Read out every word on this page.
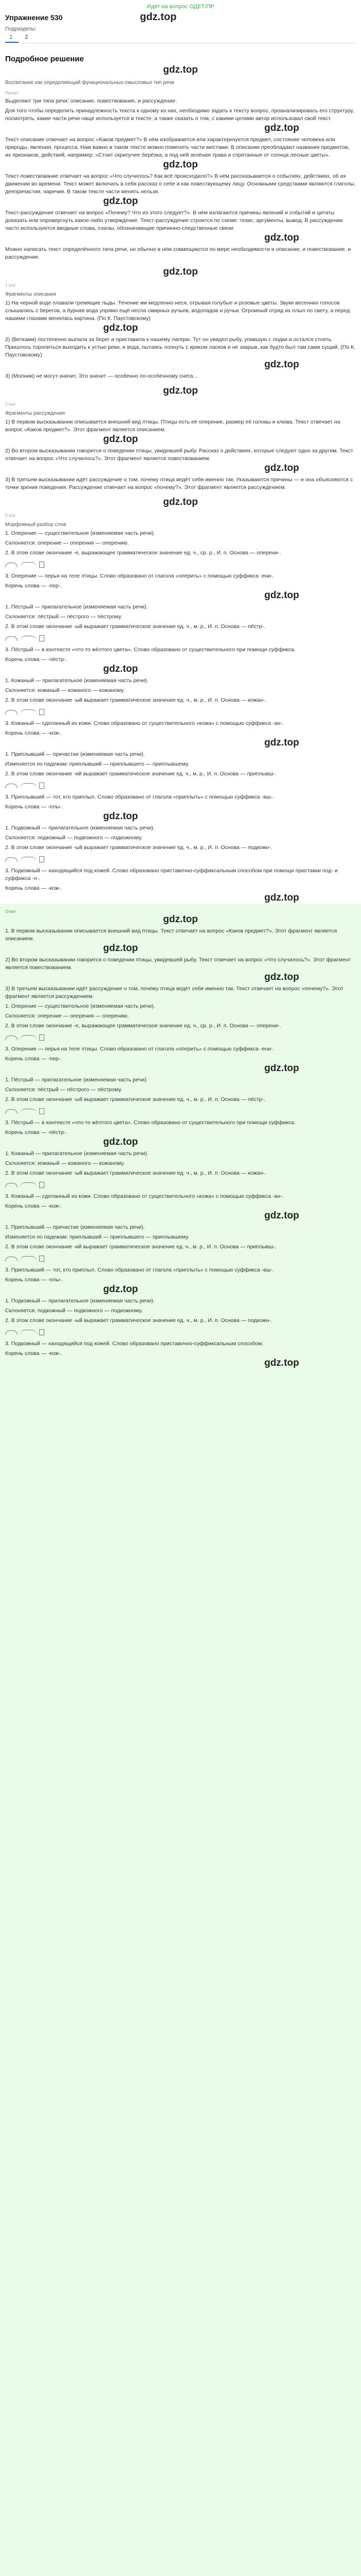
Идёт на вопрос ОДЕТ/ПР
Упражнение 530	gdz.top
Подразделы:
1 2
Подробное решение
gdz.top
Воспитание как определяющий функциональных-смысловых тип речи
Проект
Выделяют три типа речи: описание, повествование, и рассуждение.
Для того чтобы определить принадлежность текста к одному из них, необходимо задать к тексту вопрос, проанализировать его структуру, посмотреть, какие части речи чаще используется в тексте, а также сказать о том, с какими целями автор использовал свой текст.
gdz.top
Текст-описание отвечает на вопрос «Каков предмет?» В нём изображается или характеризуется предмет, состояние человека или природы, явления, процесса. Нам важно в таком тексте можно поменять части местами. В описании преобладают названия предметов, их признаков, действий, например: «Стоит скрипучее берёзка, а под ней зелёная трава и спрятанные от солнца лесные цветы».
gdz.top
Текст-повествование отвечает на вопрос «Что случилось? Как всё происходило?» В нём рассказывается о событиях, действиях, об их движении во времени. Текст может включать в себя рассказ о себе и как повествующему лицу. Основными средствами являются глаголы, деепричастия, наречия. В таком тексте части менять нельзя.
gdz.top
Текст-рассуждение отвечает на вопрос «Почему? Что из этого следует?». В нём излагаются причины явлений и событий и цитаты доказать или опровергнуть какое-либо утверждение. Текст-рассуждение строится по схеме: тезис, аргументы, вывод. В рассуждении часто используются вводные слова, союзы, обозначающие причинно-следственные связи.
gdz.top
Можно написать текст определённого типа речи, но обычно в нём совмещаются по мере необходимости и описание, и повествование, и рассуждение.
gdz.top
1 шаг
Фрагменты описания
1) На черной воде плавали гремящие льды. Течение им медленно неся, отрывая голубые и розовые цветы. Звуки весенних голосов слышались с берегов, а бурная вода упрямо ещё несла смирных ручьев, водопадов и ручьи. Огромный отряд их плыл по свету, а перед нашими глазами менялась картина. (По К. Паустовскому)
gdz.top
2) (Ветками) постепенно выпала за берег и приставила к нашему лагерю. Тут он увидел рыбу, упавшую с лодки и остался стоять. Пришлось торопиться выходить к устью реки, и вода, пытаясь лопнуть с криком ласков и не закрыв, как будто был там сами сущий. (По К. Паустовскому)
gdz.top
3) (Молнии) не могут-значит, Это значит — особенно по-особенному снега...
gdz.top
2 шаг
Фрагменты рассуждения
1) В первом высказывании описывается внешний вид птицы. Птицы есть её оперение, размер её головы и клюва. Текст отвечает на вопрос «Каков предмет?». Этот фрагмент является описанием.
gdz.top
2) Во втором высказывании говорится о поведении птицы, увидевшей рыбу. Рассказ о действиях, которые следуют одно за другим. Текст отвечает на вопрос «Что случилось?». Этот фрагмент является повествованием.
gdz.top
3) В третьем высказывании идёт рассуждение о том, почему птица ведёт себя именно так. Указываются причины — и она объясняются с точки зрения поведения. Рассуждение отвечает на вопрос «почему?». Этот фрагмент является рассуждением.
gdz.top
3 шаг
Морфемный разбор слов
1. Оперение — существительное (изменяемая часть речи).
Склоняется: оперение — оперения — оперению.
2. В этом слове окончание -е, выражающее грамматическое значение ед. ч., ср. р., И. п. Основа — оперени-.
3. Оперение — перья на теле птицы. Слово образовано от глагола «оперить» с помощью суффикса -ени-.
Корень слова — -пер-.
gdz.top
1. Пёстрый — прилагательное (изменяемая часть речи).
Склоняется: пёстрый — пёстрого — пёстрому.
2. В этом слове окончание -ый выражает грамматическое значение ед. ч., м. р., И. п. Основа — пёстр-.
3. Пёстрый — в контексте «что-то жёлтого цвета». Слово образовано от существительного при помощи суффикса.
Корень слова — -пёстр-.
gdz.top
1. Кожаный — прилагательное (изменяемая часть речи).
Склоняется: кожаный — кожаного — кожаному.
2. В этом слове окончание -ый выражает грамматическое значение ед. ч., м. р., И. п. Основа — кожан-.
3. Кожаный — сделанный из кожи. Слово образовано от существительного «кожа» с помощью суффикса -ан-.
Корень слова — -кож-.
gdz.top
1. Приплывший — причастие (изменяемая часть речи).
Изменяется по падежам: приплывший — приплывшего — приплывшему.
2. В этом слове окончание -ий выражает грамматическое значение ед. ч., м. р., И. п. Основа — приплывш-.
3. Приплывший — тот, кто приплыл. Слово образовано от глагола «приплыть» с помощью суффикса -вш-.
Корень слова — -плы-.
gdz.top
1. Подкожный — прилагательное (изменяемая часть речи).
Склоняется: подкожный — подкожного — подкожному.
2. В этом слове окончание -ый выражает грамматическое значение ед. ч., м. р., И. п. Основа — подкожн-.
3. Подкожный — находящийся под кожей. Слово образовано приставочно-суффиксальным способом при помощи приставки под- и суффикса -н-.
Корень слова — -кож-.
gdz.top
Ответ
gdz.top
1. В первом высказывании описывается внешний вид птицы. Текст отвечает на вопрос «Каков предмет?». Этот фрагмент является описанием.
gdz.top
2) Во втором высказывании говорится о поведении птицы, увидевшей рыбу. Текст отвечает на вопрос «Что случилось?». Этот фрагмент является повествованием.
gdz.top
3) В третьем высказывании идёт рассуждение о том, почему птица ведёт себя именно так. Текст отвечает на вопрос «почему?». Этот фрагмент является рассуждением.
1. Оперение — существительное (изменяемая часть речи).
Склоняется: оперение — оперения — оперению.
2. В этом слове окончание -е, выражающее грамматическое значение ед. ч., ср. р., И. п. Основа — оперени-.
3. Оперение — перья на теле птицы. Слово образовано от глагола «оперить» с помощью суффикса -ени-.
Корень слова — -пер-.
gdz.top
1. Пёстрый — прилагательное (изменяемая часть речи).
Склоняется: пёстрый — пёстрого — пёстрому.
2. В этом слове окончание -ый выражает грамматическое значение ед. ч., м. р., И. п. Основа — пёстр-.
3. Пёстрый — в контексте «что-то жёлтого цвета». Слово образовано от существительного при помощи суффикса.
Корень слова — -пёстр-.
gdz.top
1. Кожаный — прилагательное (изменяемая часть речи).
Склоняется: кожаный — кожаного — кожаному.
2. В этом слове окончание -ый выражает грамматическое значение ед. ч., м. р., И. п. Основа — кожан-.
3. Кожаный — сделанный из кожи. Слово образовано от существительного «кожа» с помощью суффикса -ан-.
Корень слова — -кож-.
gdz.top
1. Приплывший — причастие (изменяемая часть речи).
Изменяется по падежам: приплывший — приплывшего — приплывшему.
2. В этом слове окончание -ий выражает грамматическое значение ед. ч., м. р., И. п. Основа — приплывш-.
3. Приплывший — тот, кто приплыл. Слово образовано от глагола «приплыть» с помощью суффикса -вш-.
Корень слова — -плы-.
gdz.top
1. Подкожный — прилагательное (изменяемая часть речи).
Склоняется: подкожный — подкожного — подкожному.
2. В этом слове окончание -ый выражает грамматическое значение ед. ч., м. р., И. п. Основа — подкожн-.
3. Подкожный — находящийся под кожей. Слово образовано приставочно-суффиксальным способом.
Корень слова — -кож-.
gdz.top
